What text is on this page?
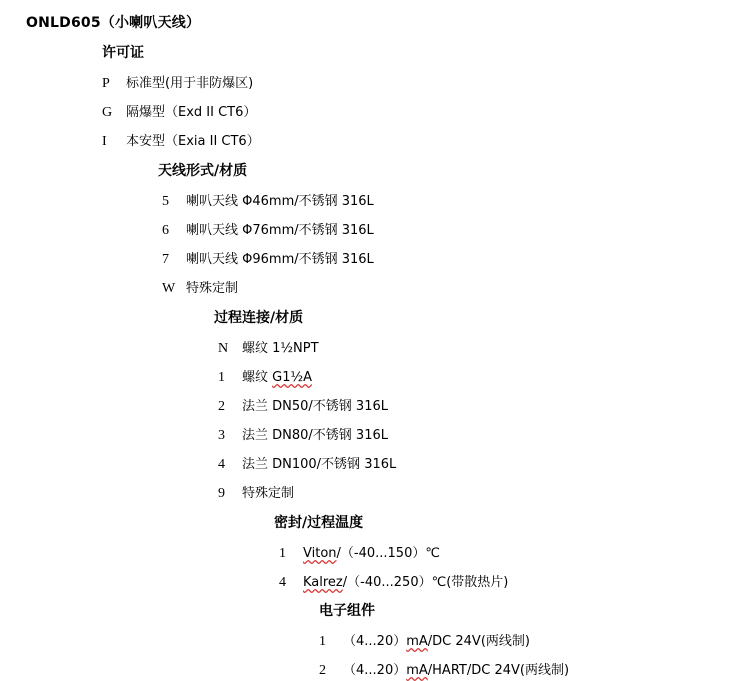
ONLD605（小喇叭天线）
许可证
P 标准型(用于非防爆区)
G 隔爆型（Exd II CT6）
I 本安型（Exia II CT6）
天线形式/材质
5 喇叭天线 Φ46mm/不锈钢 316L
6 喇叭天线 Φ76mm/不锈钢 316L
7 喇叭天线 Φ96mm/不锈钢 316L
W 特殊定制
过程连接/材质
N 螺纹 1½NPT
1 螺纹 G1½A
2 法兰 DN50/不锈钢 316L
3 法兰 DN80/不锈钢 316L
4 法兰 DN100/不锈钢 316L
9 特殊定制
密封/过程温度
1 Viton/（-40...150）℃
4 Kalrez/（-40...250）℃(带散热片)
电子组件
1 （4...20）mA/DC 24V(两线制)
2 （4...20）mA/HART/DC 24V(两线制)
